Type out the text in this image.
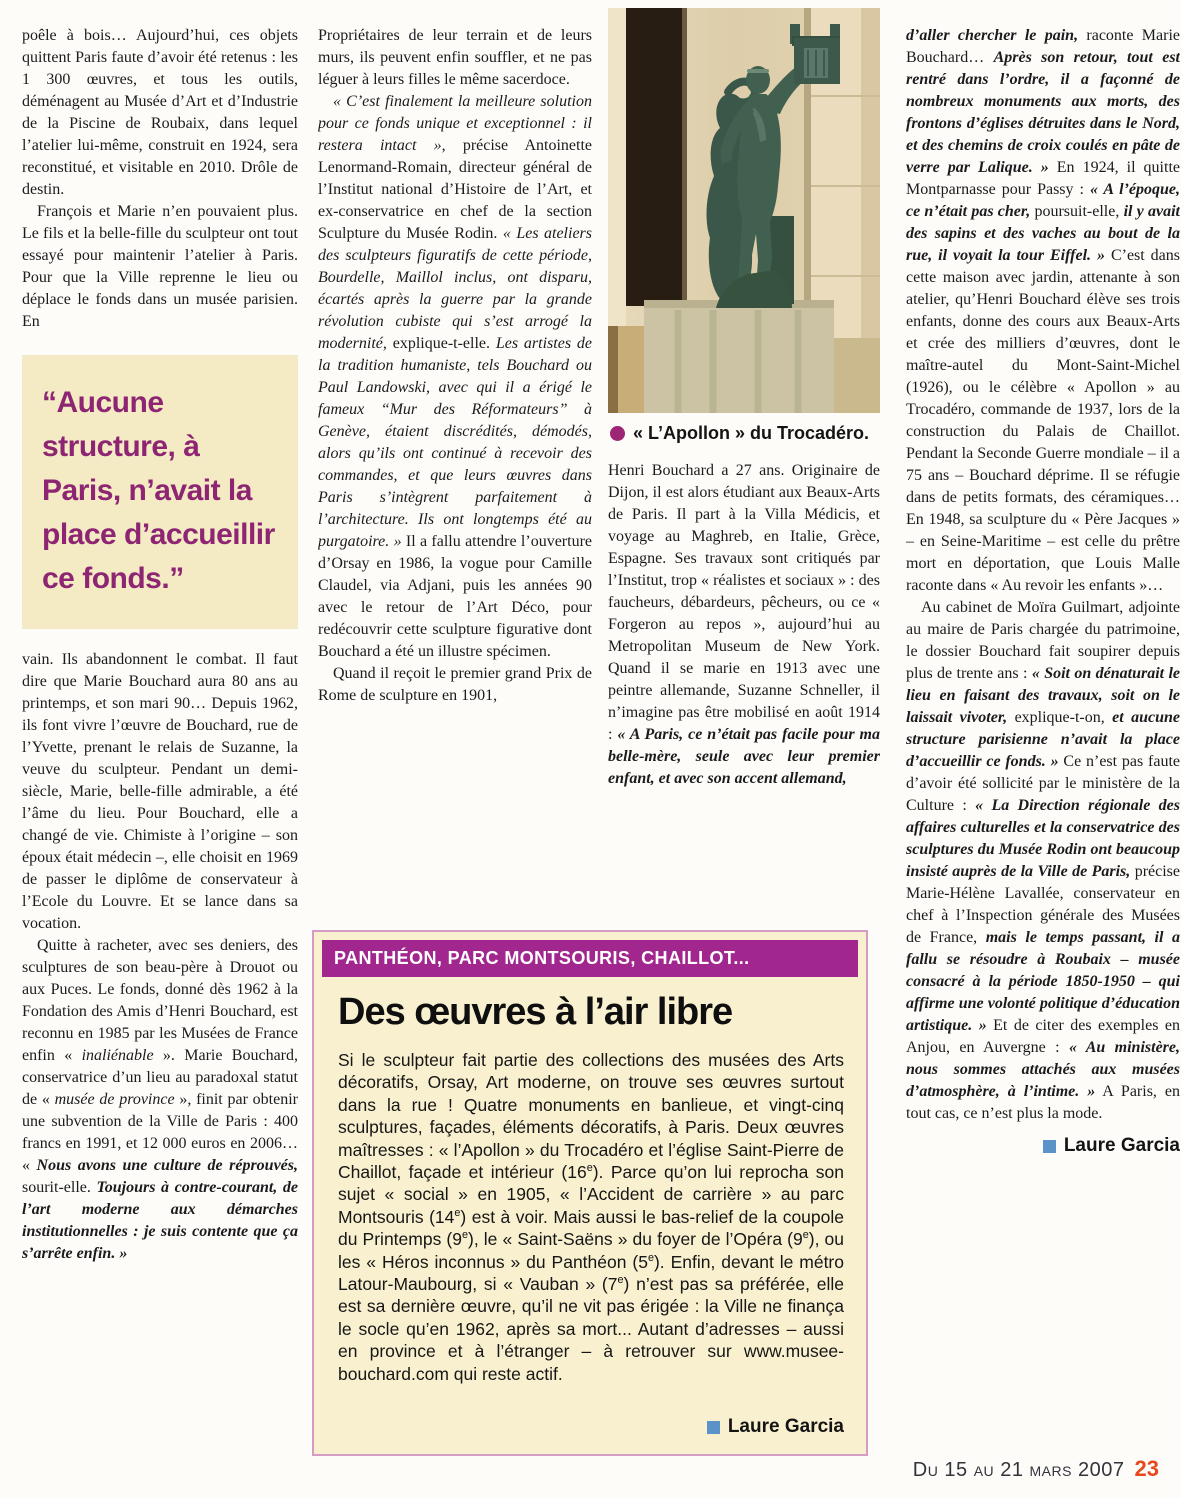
poêle à bois… Aujourd’hui, ces objets quittent Paris faute d’avoir été retenus : les 1 300 œuvres, et tous les outils, déménagent au Musée d’Art et d’Industrie de la Piscine de Roubaix, dans lequel l’atelier lui-même, construit en 1924, sera reconstitué, et visitable en 2010. Drôle de destin.

François et Marie n’en pouvaient plus. Le fils et la belle-fille du sculpteur ont tout essayé pour maintenir l’atelier à Paris. Pour que la Ville reprenne le lieu ou déplace le fonds dans un musée parisien. En

“Aucune structure, à Paris, n’avait la place d’accueillir ce fonds.”

vain. Ils abandonnent le combat. Il faut dire que Marie Bouchard aura 80 ans au printemps, et son mari 90… Depuis 1962, ils font vivre l’œuvre de Bouchard, rue de l’Yvette, prenant le relais de Suzanne, la veuve du sculpteur. Pendant un demi-siècle, Marie, belle-fille admirable, a été l’âme du lieu. Pour Bouchard, elle a changé de vie. Chimiste à l’origine – son époux était médecin –, elle choisit en 1969 de passer le diplôme de conservateur à l’Ecole du Louvre. Et se lance dans sa vocation.

Quitte à racheter, avec ses deniers, des sculptures de son beau-père à Drouot ou aux Puces. Le fonds, donné dès 1962 à la Fondation des Amis d’Henri Bouchard, est reconnu en 1985 par les Musées de France enfin « inaliénable ». Marie Bouchard, conservatrice d’un lieu au paradoxal statut de « musée de province », finit par obtenir une subvention de la Ville de Paris : 400 francs en 1991, et 12 000 euros en 2006… « Nous avons une culture de réprouvés, sourit-elle. Toujours à contre-courant, de l’art moderne aux démarches institutionnelles : je suis contente que ça s’arrête enfin. »

Propriétaires de leur terrain et de leurs murs, ils peuvent enfin souffler, et ne pas léguer à leurs filles le même sacerdoce.

« C’est finalement la meilleure solution pour ce fonds unique et exceptionnel : il restera intact », précise Antoinette Lenormand-Romain, directeur général de l’Institut national d’Histoire de l’Art, et ex-conservatrice en chef de la section Sculpture du Musée Rodin. « Les ateliers des sculpteurs figuratifs de cette période, Bourdelle, Maillol inclus, ont disparu, écartés après la guerre par la grande révolution cubiste qui s’est arrogé la modernité, explique-t-elle. Les artistes de la tradition humaniste, tels Bouchard ou Paul Landowski, avec qui il a érigé le fameux “Mur des Réformateurs” à Genève, étaient discrédités, démodés, alors qu’ils ont continué à recevoir des commandes, et que leurs œuvres dans Paris s’intègrent parfaitement à l’architecture. Ils ont longtemps été au purgatoire. » Il a fallu attendre l’ouverture d’Orsay en 1986, la vogue pour Camille Claudel, via Adjani, puis les années 90 avec le retour de l’Art Déco, pour redécouvrir cette sculpture figurative dont Bouchard a été un illustre spécimen.

Quand il reçoit le premier grand Prix de Rome de sculpture en 1901,

« L’Apollon » du Trocadéro.

Henri Bouchard a 27 ans. Originaire de Dijon, il est alors étudiant aux Beaux-Arts de Paris. Il part à la Villa Médicis, et voyage au Maghreb, en Italie, Grèce, Espagne. Ses travaux sont critiqués par l’Institut, trop « réalistes et sociaux » : des faucheurs, débardeurs, pêcheurs, ou ce « Forgeron au repos », aujourd’hui au Metropolitan Museum de New York. Quand il se marie en 1913 avec une peintre allemande, Suzanne Schneller, il n’imagine pas être mobilisé en août 1914 : « A Paris, ce n’était pas facile pour ma belle-mère, seule avec leur premier enfant, et avec son accent allemand,

d’aller chercher le pain, raconte Marie Bouchard… Après son retour, tout est rentré dans l’ordre, il a façonné de nombreux monuments aux morts, des frontons d’églises détruites dans le Nord, et des chemins de croix coulés en pâte de verre par Lalique. » En 1924, il quitte Montparnasse pour Passy : « A l’époque, ce n’était pas cher, poursuit-elle, il y avait des sapins et des vaches au bout de la rue, il voyait la tour Eiffel. » C’est dans cette maison avec jardin, attenante à son atelier, qu’Henri Bouchard élève ses trois enfants, donne des cours aux Beaux-Arts et crée des milliers d’œuvres, dont le maître-autel du Mont-Saint-Michel (1926), ou le célèbre « Apollon » au Trocadéro, commande de 1937, lors de la construction du Palais de Chaillot. Pendant la Seconde Guerre mondiale – il a 75 ans – Bouchard déprime. Il se réfugie dans de petits formats, des céramiques… En 1948, sa sculpture du « Père Jacques » – en Seine-Maritime – est celle du prêtre mort en déportation, que Louis Malle raconte dans « Au revoir les enfants »…

Au cabinet de Moïra Guilmart, adjointe au maire de Paris chargée du patrimoine, le dossier Bouchard fait soupirer depuis plus de trente ans : « Soit on dénaturait le lieu en faisant des travaux, soit on le laissait vivoter, explique-t-on, et aucune structure parisienne n’avait la place d’accueillir ce fonds. » Ce n’est pas faute d’avoir été sollicité par le ministère de la Culture : « La Direction régionale des affaires culturelles et la conservatrice des sculptures du Musée Rodin ont beaucoup insisté auprès de la Ville de Paris, précise Marie-Hélène Lavallée, conservateur en chef à l’Inspection générale des Musées de France, mais le temps passant, il a fallu se résoudre à Roubaix – musée consacré à la période 1850-1950 – qui affirme une volonté politique d’éducation artistique. » Et de citer des exemples en Anjou, en Auvergne : « Au ministère, nous sommes attachés aux musées d’atmosphère, à l’intime. » A Paris, en tout cas, ce n’est plus la mode.

Laure Garcia
PANTHÉON, PARC MONTSOURIS, CHAILLOT...
Des œuvres à l’air libre

Si le sculpteur fait partie des collections des musées des Arts décoratifs, Orsay, Art moderne, on trouve ses œuvres surtout dans la rue ! Quatre monuments en banlieue, et vingt-cinq sculptures, façades, éléments décoratifs, à Paris. Deux œuvres maîtresses : « l’Apollon » du Trocadéro et l’église Saint-Pierre de Chaillot, façade et intérieur (16e). Parce qu’on lui reprocha son sujet « social » en 1905, « l’Accident de carrière » au parc Montsouris (14e) est à voir. Mais aussi le bas-relief de la coupole du Printemps (9e), le « Saint-Saëns » du foyer de l’Opéra (9e), ou les « Héros inconnus » du Panthéon (5e). Enfin, devant le métro Latour-Maubourg, si « Vauban » (7e) n’est pas sa préférée, elle est sa dernière œuvre, qu’il ne vit pas érigée : la Ville ne finança le socle qu’en 1962, après sa mort... Autant d’adresses – aussi en province et à l’étranger – à retrouver sur www.musee-bouchard.com qui reste actif.

Laure Garcia
Du 15 au 21 mars 2007 23
